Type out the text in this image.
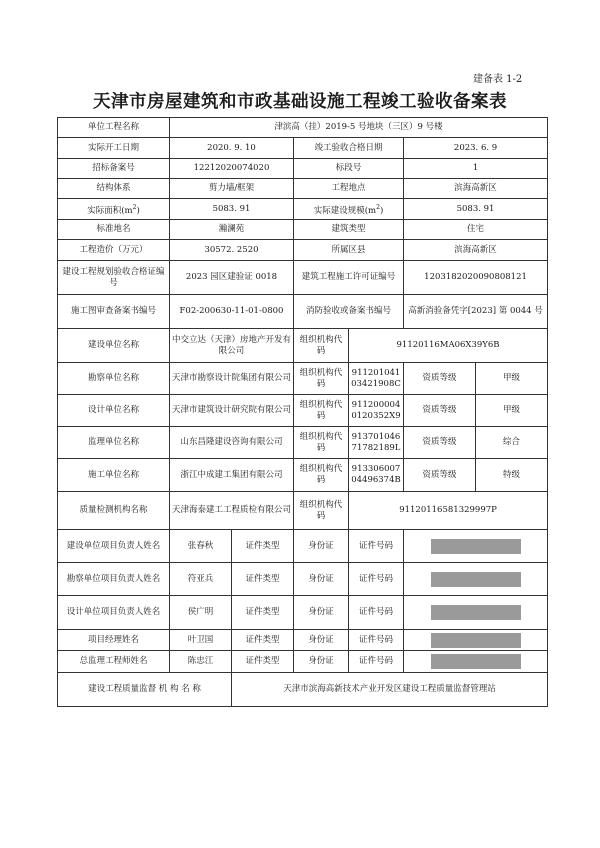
建备表 1-2
天津市房屋建筑和市政基础设施工程竣工验收备案表
单位工程名称	津滨高（挂）2019-5 号地块（三区）9 号楼					
实际开工日期	2020. 9. 10		竣工验收合格日期		2023. 6. 9	
招标备案号	12212020074020		标段号		1	
结构体系	剪力墙/框架		工程地点		滨海高新区	
实际面积$(m^2)$	5083. 91		实际建设规模$(m^2)$		5083. 91	
标准地名	瀚澜苑		建筑类型		住宅	
工程造价（万元）	30572. 2520		所属区县		滨海高新区	
建设工程规划验收合格证编号	2023 园区建验证 0018		建筑工程施工许可证编号		12031820200908081​21	
施工图审查备案书编号	F02-200630-11-01-0800		消防验收或备案书编号		高新消验备凭字[2023] 第 0044 号	
建设单位名称	中交立达（天津）房地产开发有限公司		组织机构代码	91120116MA06X39Y6B		
勘察单位名称	天津市勘察设计院集团有限公司		组织机构代码	911201041 03421908C	资质等级	甲级
设计单位名称	天津市建筑设计研究院有限公司		组织机构代码	911200004 0120352X9	资质等级	甲级
监理单位名称	山东昌隆建设咨询有限公司		组织机构代码	913701046 71782189L	资质等级	综合
施工单位名称	浙江中成建工集团有限公司		组织机构代码	913306007 0449​6374B	资质等级	特级
质量检测机构名称	天津海泰建工工程质检有限公司		组织机构代码	91120116581329997P		
建设单位项目负责人姓名	张春秋	证件类型	身份证	证件号码		
勘察单位项目负责人姓名	符亚兵	证件类型	身份证	证件号码		
设计单位项目负责人姓名	侯广明	证件类型	身份证	证件号码		
项目经理姓名	叶卫国	证件类型	身份证	证件号码		
总监理工程师姓名	陈忠江	证件类型	身份证	证件号码		
建设工程质量监督 机 构 名 称		天津市滨海高新技术产业开发区建设工程质量监督管理站				
